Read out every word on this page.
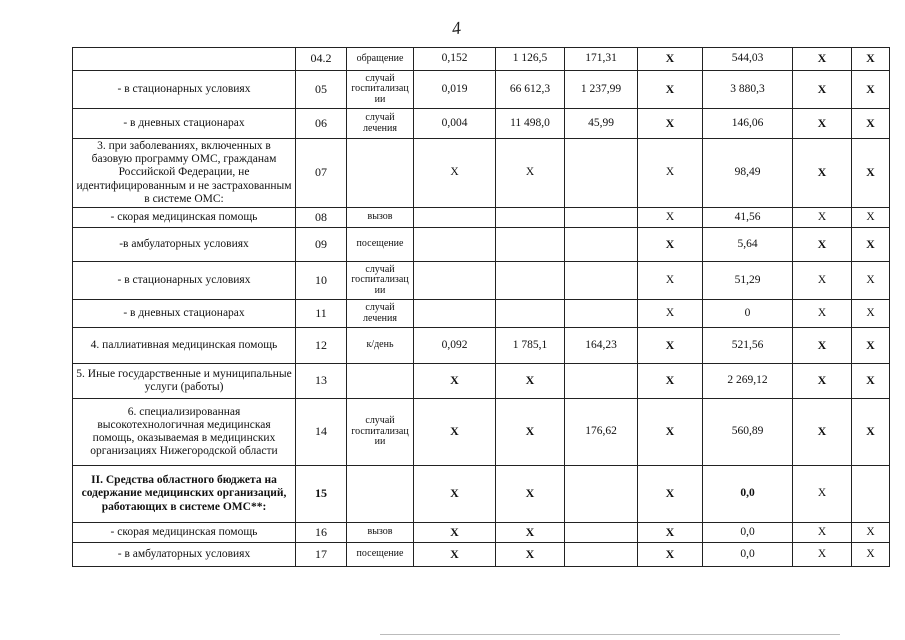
4
	04.2	обращение	0,152	1 126,5	171,31	X	544,03	X	X
- в стационарных условиях	05	случай госпитализац ии	0,019	66 612,3	1 237,99	X	3 880,3	X	X
- в дневных стационарах	06	случай лечения	0,004	11 498,0	45,99	X	146,06	X	X
3. при заболеваниях, включенных в базовую программу ОМС, гражданам Российской Федерации, не идентифицированным и не застрахованным в системе ОМС:	07		X	X		X	98,49	X	X
- скорая медицинская помощь	08	вызов				X	41,56	X	X
-в амбулаторных условиях	09	посещение				X	5,64	X	X
- в стационарных условиях	10	случай госпитализац ии				X	51,29	X	X
- в дневных стационарах	11	случай лечения				X	0	X	X
4. паллиативная медицинская помощь	12	к/день	0,092	1 785,1	164,23	X	521,56	X	X
5. Иные государственные и муниципальные услуги (работы)	13		X	X		X	2 269,12	X	X
6. специализированная высокотехнологичная медицинская помощь, оказываемая в медицинских организациях Нижегородской области	14	случай госпитализац ии	X	X	176,62	X	560,89	X	X
II. Средства областного бюджета на содержание медицинских организаций, работающих в системе ОМС**:	15		X	X		X	0,0	X	
- скорая медицинская помощь	16	вызов	X	X		X	0,0	X	X
- в амбулаторных условиях	17	посещение	X	X		X	0,0	X	X
